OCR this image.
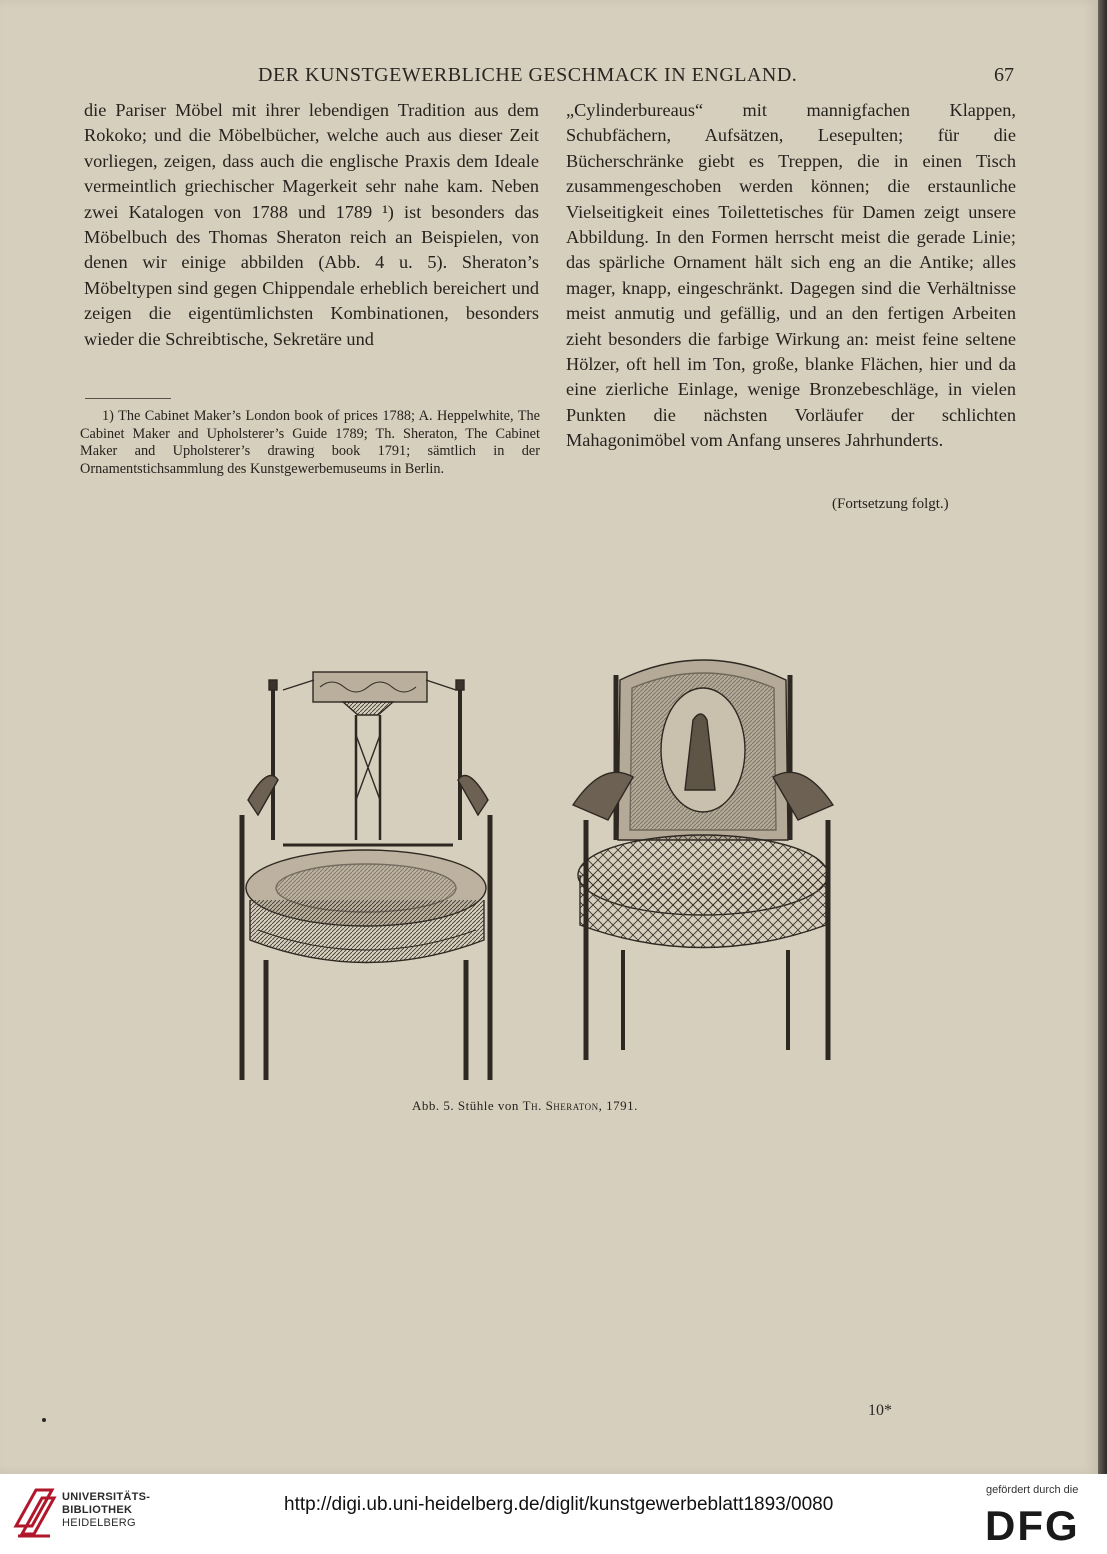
DER KUNSTGEWERBLICHE GESCHMACK IN ENGLAND.	67

die Pariser Möbel mit ihrer lebendigen Tradition aus dem Rokoko; und die Möbelbücher, welche auch aus dieser Zeit vorliegen, zeigen, dass auch die englische Praxis dem Ideale vermeintlich griechischer Magerkeit sehr nahe kam. Neben zwei Katalogen von 1788 und 1789 ¹) ist besonders das Möbelbuch des Thomas Sheraton reich an Beispielen, von denen wir einige abbilden (Abb. 4 u. 5). Sheraton’s Möbeltypen sind gegen Chippendale erheblich bereichert und zeigen die eigentümlichsten Kombinationen, besonders wieder die Schreibtische, Sekretäre und

1) The Cabinet Maker’s London book of prices 1788; A. Heppelwhite, The Cabinet Maker and Upholsterer’s Guide 1789; Th. Sheraton, The Cabinet Maker and Upholsterer’s drawing book 1791; sämtlich in der Ornamentstichsammlung des Kunstgewerbemuseums in Berlin.

„Cylinderbureaus“ mit mannigfachen Klappen, Schubfächern, Aufsätzen, Lesepulten; für die Bücherschränke giebt es Treppen, die in einen Tisch zusammengeschoben werden können; die erstaunliche Vielseitigkeit eines Toilettetisches für Damen zeigt unsere Abbildung. In den Formen herrscht meist die gerade Linie; das spärliche Ornament hält sich eng an die Antike; alles mager, knapp, eingeschränkt. Dagegen sind die Verhältnisse meist anmutig und gefällig, und an den fertigen Arbeiten zieht besonders die farbige Wirkung an: meist feine seltene Hölzer, oft hell im Ton, große, blanke Flächen, hier und da eine zierliche Einlage, wenige Bronzebeschläge, in vielen Punkten die nächsten Vorläufer der schlichten Mahagonimöbel vom Anfang unseres Jahrhunderts.

(Fortsetzung folgt.)
Abb. 5. Stühle von Th. Sheraton, 1791.
10*
UNIVERSITÄTS-
BIBLIOTHEK
HEIDELBERG
http://digi.ub.uni-heidelberg.de/diglit/kunstgewerbeblatt1893/0080
gefördert durch die
DFG
